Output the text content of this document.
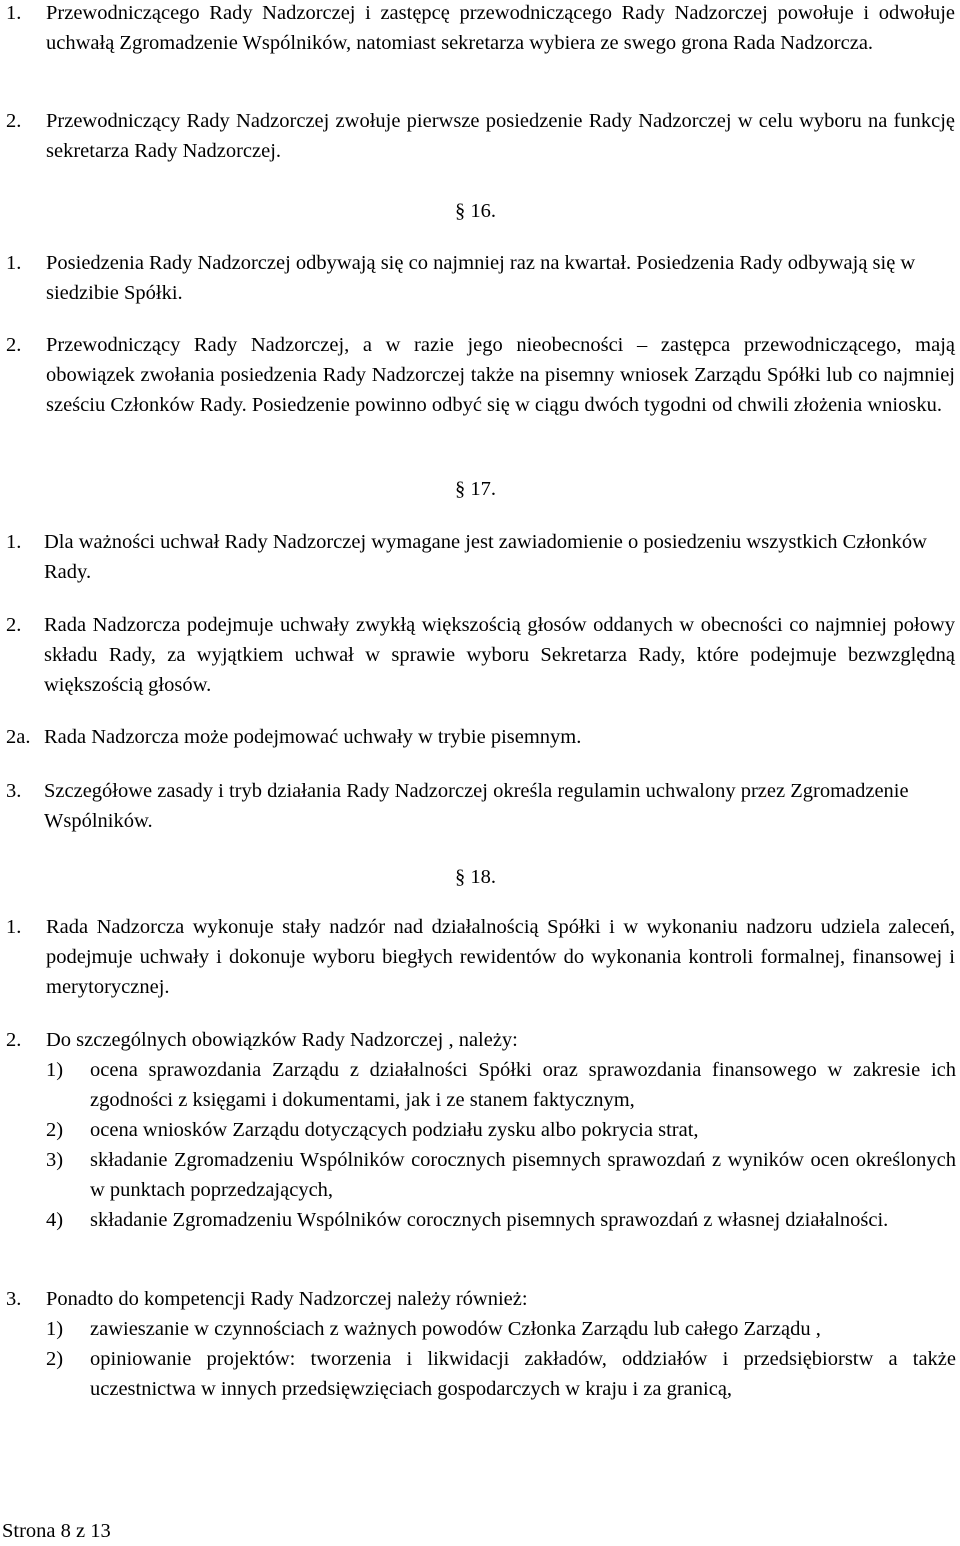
1.	Przewodniczącego Rady Nadzorczej i zastępcę przewodniczącego Rady Nadzorczej powołuje i odwołuje uchwałą Zgromadzenie Wspólników, natomiast sekretarza wybiera ze swego grona Rada Nadzorcza.
2.	Przewodniczący Rady Nadzorczej zwołuje pierwsze posiedzenie Rady Nadzorczej w celu wyboru na funkcję sekretarza Rady Nadzorczej.
§ 16.
1.	Posiedzenia Rady Nadzorczej odbywają się co najmniej raz na kwartał. Posiedzenia Rady odbywają się w siedzibie Spółki.
2.	Przewodniczący Rady Nadzorczej, a w razie jego nieobecności – zastępca przewodniczącego, mają obowiązek zwołania posiedzenia Rady Nadzorczej także na pisemny wniosek Zarządu Spółki lub co najmniej sześciu Członków Rady. Posiedzenie powinno odbyć się w ciągu dwóch tygodni od chwili złożenia wniosku.
§ 17.
1.	Dla ważności uchwał Rady Nadzorczej wymagane jest zawiadomienie o posiedzeniu wszystkich Członków Rady.
2.	Rada Nadzorcza podejmuje uchwały zwykłą większością głosów oddanych w obecności co najmniej połowy składu Rady, za wyjątkiem uchwał w sprawie wyboru Sekretarza Rady, które podejmuje bezwzględną większością głosów.
2a. Rada Nadzorcza może podejmować uchwały w trybie pisemnym.
3.	Szczegółowe zasady i tryb działania Rady Nadzorczej określa regulamin uchwalony przez Zgromadzenie Wspólników.
§ 18.
1.	Rada Nadzorcza wykonuje stały nadzór nad działalnością Spółki i w wykonaniu nadzoru udziela zaleceń, podejmuje uchwały i dokonuje wyboru biegłych rewidentów do wykonania kontroli formalnej, finansowej i merytorycznej.
2.	Do szczególnych obowiązków Rady Nadzorczej , należy:
1)	ocena sprawozdania Zarządu z działalności Spółki oraz sprawozdania finansowego w zakresie ich zgodności z księgami i dokumentami, jak i ze stanem faktycznym,
2)	ocena wniosków Zarządu dotyczących podziału zysku albo pokrycia strat,
3)	składanie Zgromadzeniu Wspólników corocznych pisemnych sprawozdań z wyników ocen określonych w punktach poprzedzających,
4)	składanie Zgromadzeniu Wspólników corocznych pisemnych sprawozdań z własnej działalności.
3.	Ponadto do kompetencji Rady Nadzorczej należy również:
1)	zawieszanie w czynnościach z ważnych powodów Członka Zarządu lub całego Zarządu ,
2)	opiniowanie projektów: tworzenia i likwidacji zakładów, oddziałów i przedsiębiorstw a także uczestnictwa w innych przedsięwzięciach gospodarczych w kraju i za granicą,
Strona 8 z 13
